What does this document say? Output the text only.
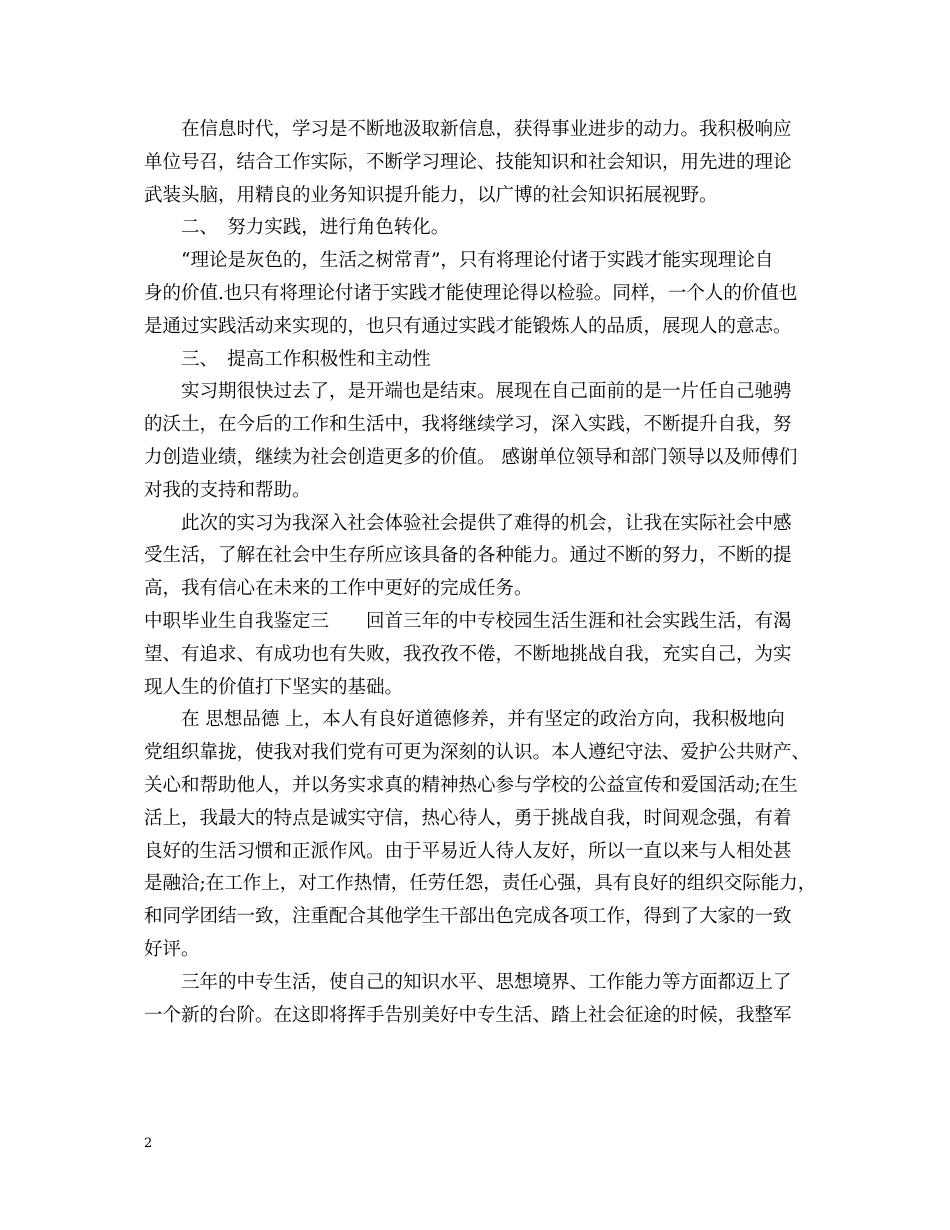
在信息时代，学习是不断地汲取新信息，获得事业进步的动力。我积极响应
单位号召，结合工作实际，不断学习理论、技能知识和社会知识，用先进的理论
武装头脑，用精良的业务知识提升能力，以广博的社会知识拓展视野。
二、　努力实践，进行角色转化。
“理论是灰色的，生活之树常青”，只有将理论付诸于实践才能实现理论自
身的价值.也只有将理论付诸于实践才能使理论得以检验。同样，一个人的价值也
是通过实践活动来实现的，也只有通过实践才能锻炼人的品质，展现人的意志。
三、　提高工作积极性和主动性
实习期很快过去了，是开端也是结束。展现在自己面前的是一片任自己驰骋
的沃土，在今后的工作和生活中，我将继续学习，深入实践，不断提升自我，努
力创造业绩，继续为社会创造更多的价值。 感谢单位领导和部门领导以及师傅们
对我的支持和帮助。
此次的实习为我深入社会体验社会提供了难得的机会，让我在实际社会中感
受生活，了解在社会中生存所应该具备的各种能力。通过不断的努力，不断的提
高，我有信心在未来的工作中更好的完成任务。
中职毕业生自我鉴定三　　回首三年的中专校园生活生涯和社会实践生活，有渴
望、有追求、有成功也有失败，我孜孜不倦，不断地挑战自我，充实自己，为实
现人生的价值打下坚实的基础。
在 思想品德 上，本人有良好道德修养，并有坚定的政治方向，我积极地向
党组织靠拢，使我对我们党有可更为深刻的认识。本人遵纪守法、爱护公共财产、
关心和帮助他人，并以务实求真的精神热心参与学校的公益宣传和爱国活动;在生
活上，我最大的特点是诚实守信，热心待人，勇于挑战自我，时间观念强，有着
良好的生活习惯和正派作风。由于平易近人待人友好，所以一直以来与人相处甚
是融洽;在工作上，对工作热情，任劳任怨，责任心强，具有良好的组织交际能力，
和同学团结一致，注重配合其他学生干部出色完成各项工作，得到了大家的一致
好评。
三年的中专生活，使自己的知识水平、思想境界、工作能力等方面都迈上了
一个新的台阶。在这即将挥手告别美好中专生活、踏上社会征途的时候，我整军
2
